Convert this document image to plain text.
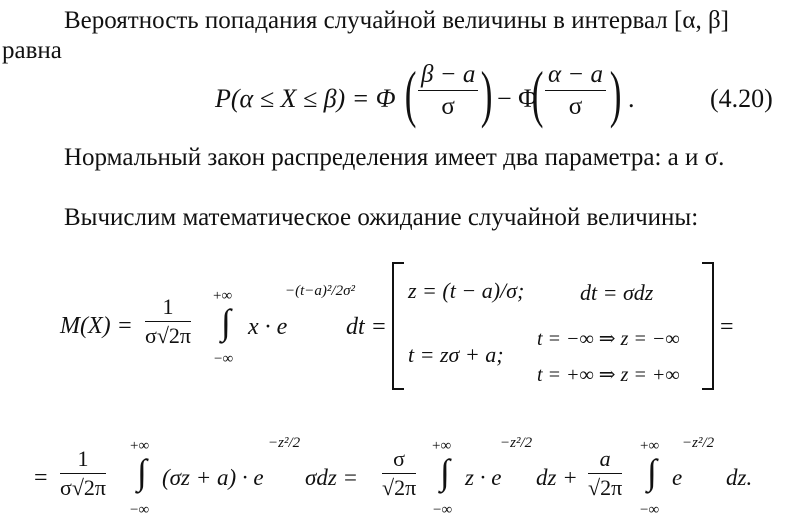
Вероятность попадания случайной величины в интервал [α, β]
равна
P(α ≤ X ≤ β) = Φ ( $\frac{\beta - a}{\sigma}$ ) − Φ
( $\frac{\alpha - a}{\sigma}$ ) .	(4.20)
Нормальный закон распределения имеет два параметра: a и σ.
Вычислим математическое ожидание случайной величины:
$M(X) = \frac{1}{\sigma√2\pi}$ +∞
∫
−∞
x · e
−(t−a)²/2σ²
dt =
z = (t − a)/σ;	dt = σdz
t = zσ + a;
t = −∞ ⇒ z = −∞
t = +∞ ⇒ z = +∞
=
= $\frac{1}{\sigma√2\pi}$
+∞
∫
−∞
(σz + a) · e
−z²/2
$\sigma dz = \frac{\sigma}{√2\pi}$
+∞
∫
−∞
z · e
−z²/2
dz + $\frac{a}{√2\pi}$
+∞
∫
−∞
e
−z²/2
dz.
